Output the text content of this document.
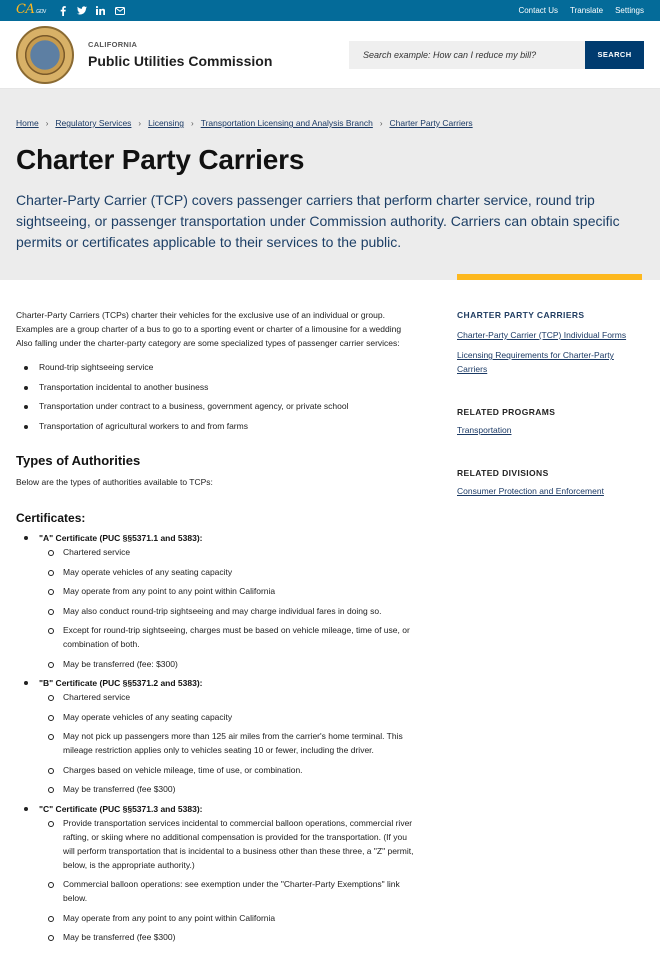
CA.GOV	Contact Us Translate Settings
CALIFORNIA
Public Utilities Commission
Search example: How can I reduce my bill?	SEARCH
Home › Regulatory Services › Licensing › Transportation Licensing and Analysis Branch › Charter Party Carriers
Charter Party Carriers

Charter-Party Carrier (TCP) covers passenger carriers that perform charter service, round trip sightseeing, or passenger transportation under Commission authority. Carriers can obtain specific permits or certificates applicable to their services to the public.

Charter-Party Carriers (TCPs) charter their vehicles for the exclusive use of an individual or group.

Examples are a group charter of a bus to go to a sporting event or charter of a limousine for a wedding

Also falling under the charter-party category are some specialized types of passenger carrier services:

Round-trip sightseeing service
Transportation incidental to another business
Transportation under contract to a business, government agency, or private school
Transportation of agricultural workers to and from farms
Types of Authorities

Below are the types of authorities available to TCPs:

Certificates:
"A" Certificate (PUC §§5371.1 and 5383):
Chartered service
May operate vehicles of any seating capacity
May operate from any point to any point within California
May also conduct round-trip sightseeing and may charge individual fares in doing so.
Except for round-trip sightseeing, charges must be based on vehicle mileage, time of use, or combination of both.
May be transferred (fee: $300)
"B" Certificate (PUC §§5371.2 and 5383):
Chartered service
May operate vehicles of any seating capacity
May not pick up passengers more than 125 air miles from the carrier's home terminal. This mileage restriction applies only to vehicles seating 10 or fewer, including the driver.
Charges based on vehicle mileage, time of use, or combination.
May be transferred (fee $300)
"C" Certificate (PUC §§5371.3 and 5383):
Provide transportation services incidental to commercial balloon operations, commercial river rafting, or skiing where no additional compensation is provided for the transportation. (If you will perform transportation that is incidental to a business other than these three, a "Z" permit, below, is the appropriate authority.)
Commercial balloon operations: see exemption under the "Charter-Party Exemptions" link below.
May operate from any point to any point within California
May be transferred (fee $300)
CHARTER PARTY CARRIERS
Charter-Party Carrier (TCP) Individual Forms
Licensing Requirements for Charter-Party Carriers
RELATED PROGRAMS
Transportation
RELATED DIVISIONS
Consumer Protection and Enforcement
